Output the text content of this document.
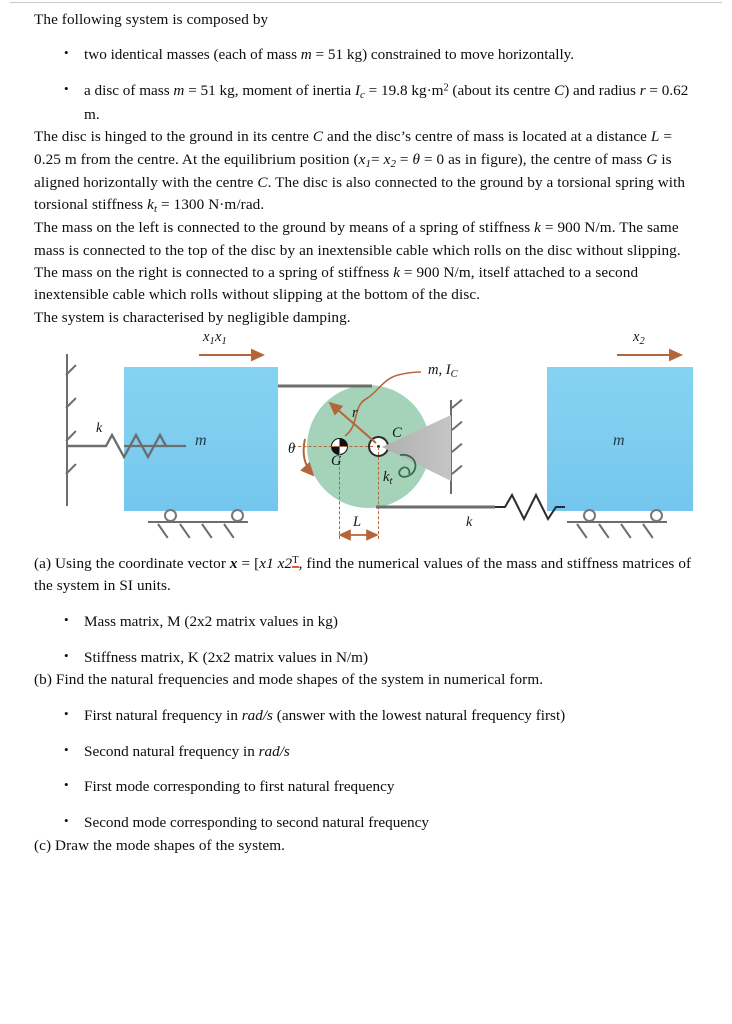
The following system is composed by

• two identical masses (each of mass m = 51 kg) constrained to move horizontally.
• a disc of mass m = 51 kg, moment of inertia $I_c = 19.8$ $kg\cdot m^2$ (about its centre C) and radius r = 0.62 m.

The disc is hinged to the ground in its centre C and the disc’s centre of mass is located at a distance L = 0.25 m from the centre. At the equilibrium position ($x_1= x_2 = \theta = 0$ as in figure), the centre of mass G is aligned horizontally with the centre C. The disc is also connected to the ground by a torsional spring with torsional stiffness $k_t = 1300$ N·m/rad.

The mass on the left is connected to the ground by means of a spring of stiffness k = 900 N/m. The same mass is connected to the top of the disc by an inextensible cable which rolls on the disc without slipping.

The mass on the right is connected to a spring of stiffness k = 900 N/m, itself attached to a second inextensible cable which rolls without slipping at the bottom of the disc.

The system is characterised by negligible damping.

$x_1$
m	m
$x_1$	$x_2$
k
k
r
C
G
θ
$k_t$
L
m, $I_C$

(a) Using the coordinate vector x = [x1 $x2^T$, find the numerical values of the mass and stiffness matrices of the system in SI units.

• Mass matrix, M (2x2 matrix values in kg)
• Stiffness matrix, K (2x2 matrix values in N/m)

(b) Find the natural frequencies and mode shapes of the system in numerical form.

• First natural frequency in rad/s (answer with the lowest natural frequency first)
• Second natural frequency in rad/s
• First mode corresponding to first natural frequency
• Second mode corresponding to second natural frequency

(c) Draw the mode shapes of the system.
